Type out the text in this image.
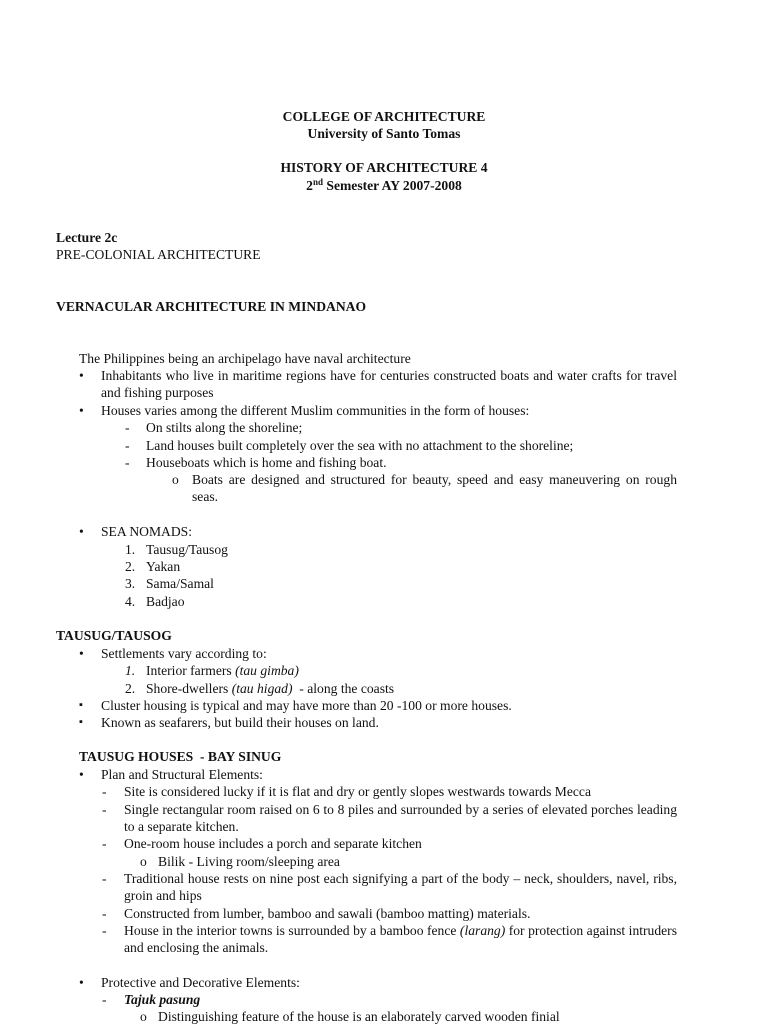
COLLEGE OF ARCHITECTURE
University of Santo Tomas
HISTORY OF ARCHITECTURE 4
2nd Semester AY 2007-2008
Lecture 2c
PRE-COLONIAL ARCHITECTURE
VERNACULAR ARCHITECTURE IN MINDANAO
The Philippines being an archipelago have naval architecture
• Inhabitants who live in maritime regions have for centuries constructed boats and water crafts for travel and fishing purposes
• Houses varies among the different Muslim communities in the form of houses:
- On stilts along the shoreline;
- Land houses built completely over the sea with no attachment to the shoreline;
- Houseboats which is home and fishing boat.
o Boats are designed and structured for beauty, speed and easy maneuvering on rough seas.
• SEA NOMADS:
1. Tausug/Tausog
2. Yakan
3. Sama/Samal
4. Badjao
TAUSUG/TAUSOG
• Settlements vary according to:
1. Interior farmers (tau gimba)
2. Shore-dwellers (tau higad)  - along the coasts
▪ Cluster housing is typical and may have more than 20 -100 or more houses.
▪ Known as seafarers, but build their houses on land.
TAUSUG HOUSES  - BAY SINUG
• Plan and Structural Elements:
- Site is considered lucky if it is flat and dry or gently slopes westwards towards Mecca
- Single rectangular room raised on 6 to 8 piles and surrounded by a series of elevated porches leading to a separate kitchen.
- One-room house includes a porch and separate kitchen
o Bilik - Living room/sleeping area
- Traditional house rests on nine post each signifying a part of the body – neck, shoulders, navel, ribs, groin and hips
- Constructed from lumber, bamboo and sawali (bamboo matting) materials.
- House in the interior towns is surrounded by a bamboo fence (larang) for protection against intruders and enclosing the animals.
• Protective and Decorative Elements:
- Tajuk pasung
o Distinguishing feature of the house is an elaborately carved wooden finial
